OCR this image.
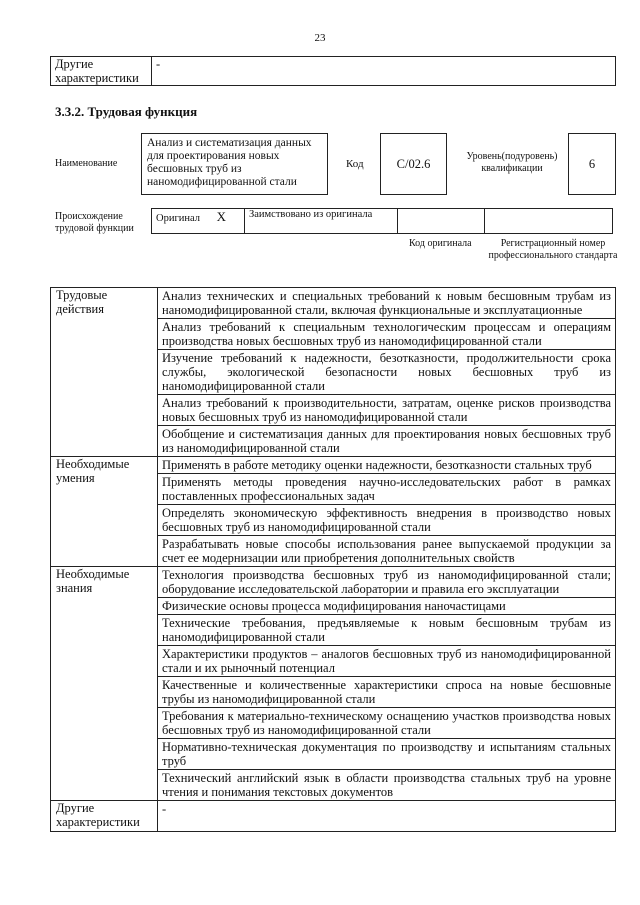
23
Другие характеристики	-
3.3.2. Трудовая функция
Наименование
Анализ и систематизация данных для проектирования новых бесшовных труб из наномодифицированной стали
Код	С/02.6
Уровень(подуровень) квалификации	6
Происхождение трудовой функции
Оригинал X	Заимствовано из оригинала		
Код оригинала	Регистрационный номер профессионального стандарта
Трудовые действия	Анализ технических и специальных требований к новым бесшовным трубам из наномодифицированной стали, включая функциональные и эксплуатационные
	Анализ требований к специальным технологическим процессам и операциям производства новых бесшовных труб из наномодифицированной стали
	Изучение требований к надежности, безотказности, продолжительности срока службы, экологической безопасности новых бесшовных труб из наномодифицированной стали
	Анализ требований к производительности, затратам, оценке рисков производства новых бесшовных труб из наномодифицированной стали
	Обобщение и систематизация данных для проектирования новых бесшовных труб из наномодифицированной стали
Необходимые умения	Применять в работе методику оценки надежности, безотказности стальных труб
	Применять методы проведения научно-исследовательских работ в рамках поставленных профессиональных задач
	Определять экономическую эффективность внедрения в производство новых бесшовных труб из наномодифицированной стали
	Разрабатывать новые способы использования ранее выпускаемой продукции за счет ее модернизации или приобретения дополнительных свойств
Необходимые знания	Технология производства бесшовных труб из наномодифицированной стали; оборудование исследовательской лаборатории и правила его эксплуатации
	Физические основы процесса модифицирования наночастицами
	Технические требования, предъявляемые к новым бесшовным трубам из наномодифицированной стали
	Характеристики продуктов – аналогов бесшовных труб из наномодифицированной стали и их рыночный потенциал
	Качественные и количественные характеристики спроса на новые бесшовные трубы из наномодифицированной стали
	Требования к материально-техническому оснащению участков производства новых бесшовных труб из наномодифицированной стали
	Нормативно-техническая документация по производству и испытаниям стальных труб
	Технический английский язык в области производства стальных труб на уровне чтения и понимания текстовых документов
Другие характеристики	-
